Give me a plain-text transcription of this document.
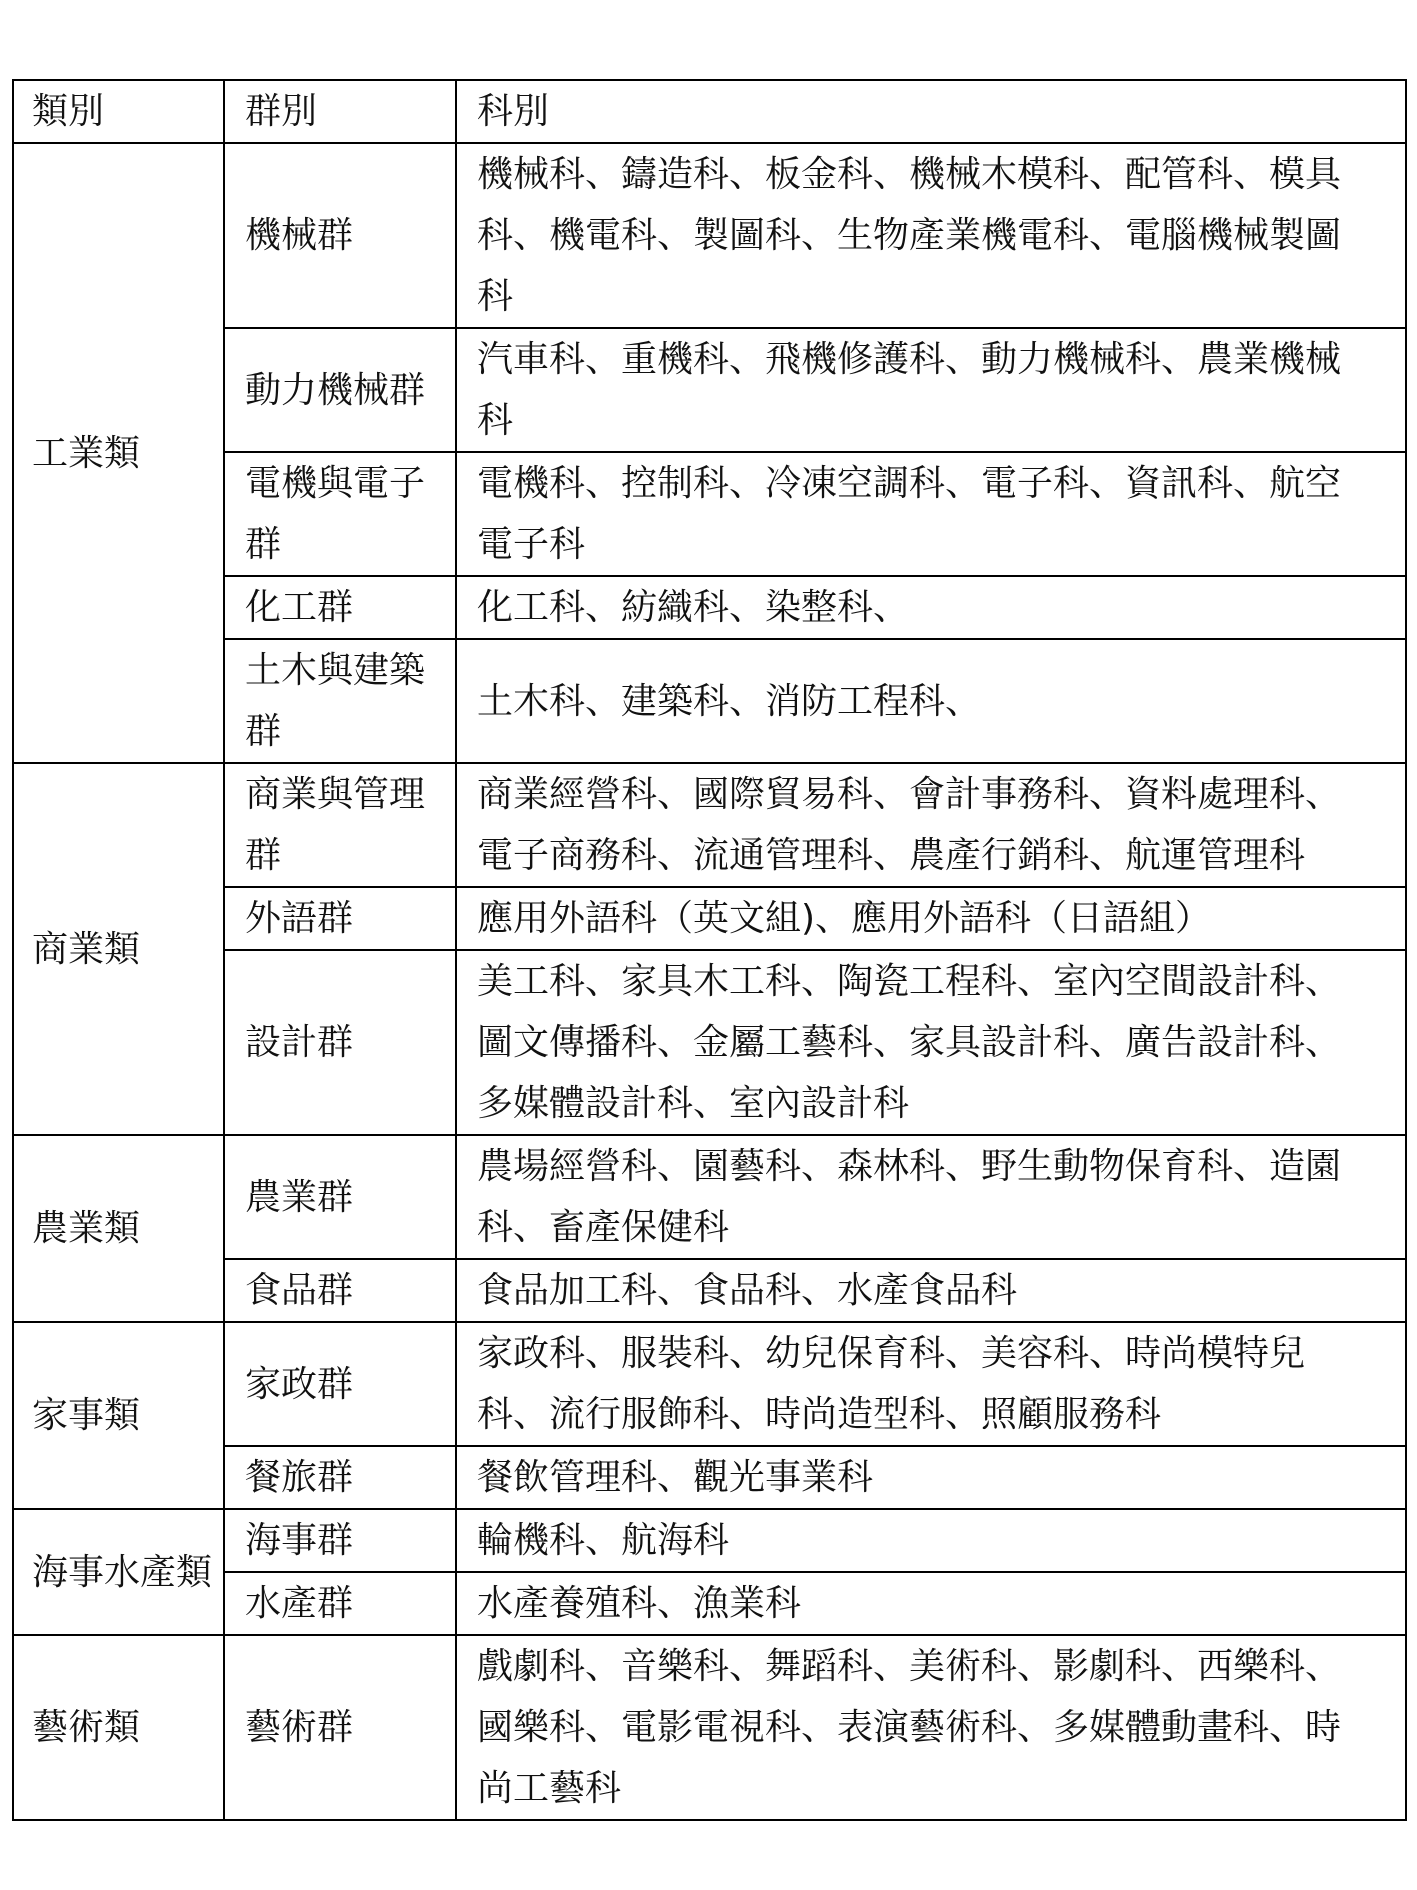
類別	群別	科別
工業類	機械群	機械科、鑄造科、板金科、機械木模科、配管科、模具科、機電科、製圖科、生物產業機電科、電腦機械製圖科
	動力機械群	汽車科、重機科、飛機修護科、動力機械科、農業機械科
	電機與電子群	電機科、控制科、冷凍空調科、電子科、資訊科、航空電子科
	化工群	化工科、紡織科、染整科、
	土木與建築群	土木科、建築科、消防工程科、
商業類	商業與管理群	商業經營科、國際貿易科、會計事務科、資料處理科、電子商務科、流通管理科、農產行銷科、航運管理科
	外語群	應用外語科（英文組)、應用外語科（日語組）
	設計群	美工科、家具木工科、陶瓷工程科、室內空間設計科、圖文傳播科、金屬工藝科、家具設計科、廣告設計科、多媒體設計科、室內設計科
農業類	農業群	農場經營科、園藝科、森林科、野生動物保育科、造園科、畜產保健科
	食品群	食品加工科、食品科、水產食品科
家事類	家政群	家政科、服裝科、幼兒保育科、美容科、時尚模特兒科、流行服飾科、時尚造型科、照顧服務科
	餐旅群	餐飲管理科、觀光事業科
海事水產類	海事群	輪機科、航海科
	水產群	水產養殖科、漁業科
藝術類	藝術群	戲劇科、音樂科、舞蹈科、美術科、影劇科、西樂科、國樂科、電影電視科、表演藝術科、多媒體動畫科、時尚工藝科
